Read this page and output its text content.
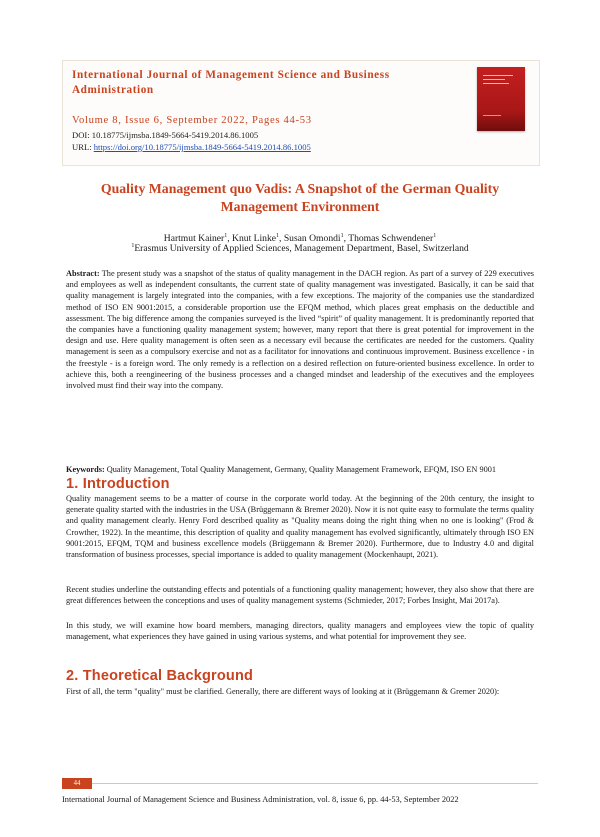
International Journal of Management Science and Business Administration
Volume 8, Issue 6, September 2022, Pages 44-53
DOI: 10.18775/ijmsba.1849-5664-5419.2014.86.1005
URL: https://doi.org/10.18775/ijmsba.1849-5664-5419.2014.86.1005
Quality Management quo Vadis: A Snapshot of the German Quality Management Environment
Hartmut Kainer$^1$, Knut Linke$^1$, Susan Omondi$^1$, Thomas Schwendener$^1$
$^1$Erasmus University of Applied Sciences, Management Department, Basel, Switzerland
Abstract: The present study was a snapshot of the status of quality management in the DACH region. As part of a survey of 229 executives and employees as well as independent consultants, the current state of quality management was investigated. Basically, it can be said that quality management is largely integrated into the companies, with a few exceptions. The majority of the companies use the standardized method of ISO EN 9001:2015, a considerable proportion use the EFQM method, which places great emphasis on the deductible and assessment. The big difference among the companies surveyed is the lived “spirit” of quality management. It is predominantly reported that the companies have a functioning quality management system; however, many report that there is great potential for improvement in the design and use. Here quality management is often seen as a necessary evil because the certificates are needed for the customers. Quality management is seen as a compulsory exercise and not as a facilitator for innovations and continuous improvement. Business excellence - in the freestyle - is a foreign word. The only remedy is a reflection on a desired reflection on future-oriented business excellence. In order to achieve this, both a reengineering of the business processes and a changed mindset and leadership of the executives and the employees involved must find their way into the company.
Keywords: Quality Management, Total Quality Management, Germany, Quality Management Framework, EFQM, ISO EN 9001
1. Introduction
Quality management seems to be a matter of course in the corporate world today. At the beginning of the 20th century, the insight to generate quality started with the industries in the USA (Brüggemann & Bremer 2020). Now it is not quite easy to formulate the terms quality and quality management clearly. Henry Ford described quality as "Quality means doing the right thing when no one is looking" (Frod & Crowther, 1922). In the meantime, this description of quality and quality management has evolved significantly, ultimately through ISO EN 9001:2015, EFQM, TQM and business excellence models (Brüggemann & Bremer 2020). Furthermore, due to Industry 4.0 and digital transformation of business processes, special importance is added to quality management (Mockenhaupt, 2021).
Recent studies underline the outstanding effects and potentials of a functioning quality management; however, they also show that there are great differences between the conceptions and uses of quality management systems (Schmieder, 2017; Forbes Insight, Mai 2017a).
In this study, we will examine how board members, managing directors, quality managers and employees view the topic of quality management, what experiences they have gained in using various systems, and what potential for improvement they see.
2. Theoretical Background
First of all, the term "quality" must be clarified. Generally, there are different ways of looking at it (Brüggemann & Gremer 2020):
44
International Journal of Management Science and Business Administration, vol. 8, issue 6, pp. 44-53, September 2022
